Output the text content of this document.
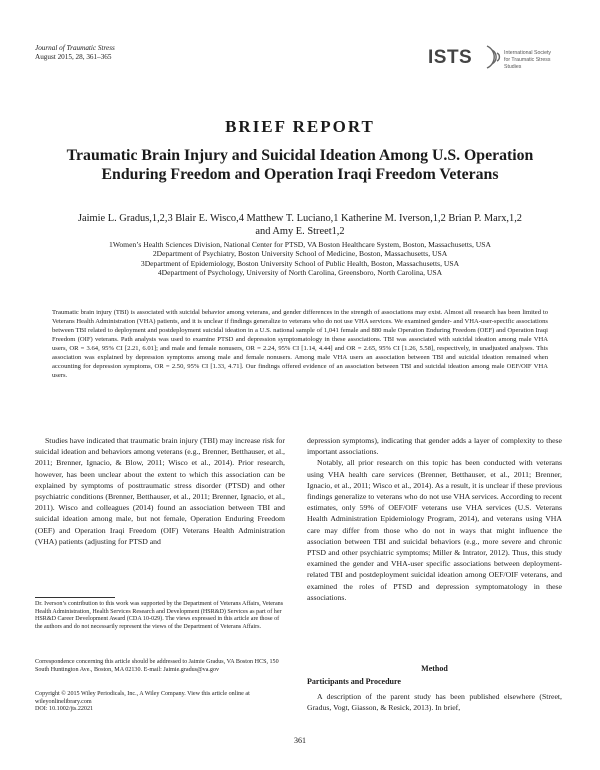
Journal of Traumatic Stress
August 2015, 28, 361–365	ISTS	International Society
for Traumatic Stress Studies
BRIEF REPORT
Traumatic Brain Injury and Suicidal Ideation Among U.S. Operation Enduring Freedom and Operation Iraqi Freedom Veterans
Jaimie L. Gradus,1,2,3 Blair E. Wisco,4 Matthew T. Luciano,1 Katherine M. Iverson,1,2 Brian P. Marx,1,2
and Amy E. Street1,2
1Women’s Health Sciences Division, National Center for PTSD, VA Boston Healthcare System, Boston, Massachusetts, USA
2Department of Psychiatry, Boston University School of Medicine, Boston, Massachusetts, USA
3Department of Epidemiology, Boston University School of Public Health, Boston, Massachusetts, USA
4Department of Psychology, University of North Carolina, Greensboro, North Carolina, USA
Traumatic brain injury (TBI) is associated with suicidal behavior among veterans, and gender differences in the strength of associations may exist. Almost all research has been limited to Veterans Health Administration (VHA) patients, and it is unclear if findings generalize to veterans who do not use VHA services. We examined gender- and VHA-user-specific associations between TBI related to deployment and postdeployment suicidal ideation in a U.S. national sample of 1,041 female and 880 male Operation Enduring Freedom (OEF) and Operation Iraqi Freedom (OIF) veterans. Path analysis was used to examine PTSD and depression symptomatology in these associations. TBI was associated with suicidal ideation among male VHA users, OR = 3.64, 95% CI [2.21, 6.01]; and male and female nonusers, OR = 2.24, 95% CI [1.14, 4.44] and OR = 2.65, 95% CI [1.26, 5.58], respectively, in unadjusted analyses. This association was explained by depression symptoms among male and female nonusers. Among male VHA users an association between TBI and suicidal ideation remained when accounting for depression symptoms, OR = 2.50, 95% CI [1.33, 4.71]. Our findings offered evidence of an association between TBI and suicidal ideation among male OEF/OIF VHA users.
Studies have indicated that traumatic brain injury (TBI) may increase risk for suicidal ideation and behaviors among veterans (e.g., Brenner, Betthauser, et al., 2011; Brenner, Ignacio, & Blow, 2011; Wisco et al., 2014). Prior research, however, has been unclear about the extent to which this association can be explained by symptoms of posttraumatic stress disorder (PTSD) and other psychiatric conditions (Brenner, Betthauser, et al., 2011; Brenner, Ignacio, et al., 2011). Wisco and colleagues (2014) found an association between TBI and suicidal ideation among male, but not female, Operation Enduring Freedom (OEF) and Operation Iraqi Freedom (OIF) Veterans Health Administration (VHA) patients (adjusting for PTSD and
Dr. Iverson’s contribution to this work was supported by the Department of Veterans Affairs, Veterans Health Administration, Health Services Research and Development (HSR&D) Services as part of her HSR&D Career Development Award (CDA 10-029). The views expressed in this article are those of the authors and do not necessarily represent the views of the Department of Veterans Affairs.
Correspondence concerning this article should be addressed to Jaimie Gradus, VA Boston HCS, 150 South Huntington Ave., Boston, MA 02130. E-mail: Jaimie.gradus@va.gov
Copyright © 2015 Wiley Periodicals, Inc., A Wiley Company. View this article online at wileyonlinelibrary.com
DOI: 10.1002/jts.22021

depression symptoms), indicating that gender adds a layer of complexity to these important associations.

Notably, all prior research on this topic has been conducted with veterans using VHA health care services (Brenner, Betthauser, et al., 2011; Brenner, Ignacio, et al., 2011; Wisco et al., 2014). As a result, it is unclear if these previous findings generalize to veterans who do not use VHA services. According to recent estimates, only 59% of OEF/OIF veterans use VHA services (U.S. Veterans Health Administration Epidemiology Program, 2014), and veterans using VHA care may differ from those who do not in ways that might influence the association between TBI and suicidal behaviors (e.g., more severe and chronic PTSD and other psychiatric symptoms; Miller & Intrator, 2012). Thus, this study examined the gender and VHA-user specific associations between deployment-related TBI and postdeployment suicidal ideation among OEF/OIF veterans, and examined the roles of PTSD and depression symptomatology in these associations.

Method
Participants and Procedure
A description of the parent study has been published elsewhere (Street, Gradus, Vogt, Giasson, & Resick, 2013). In brief,
361
